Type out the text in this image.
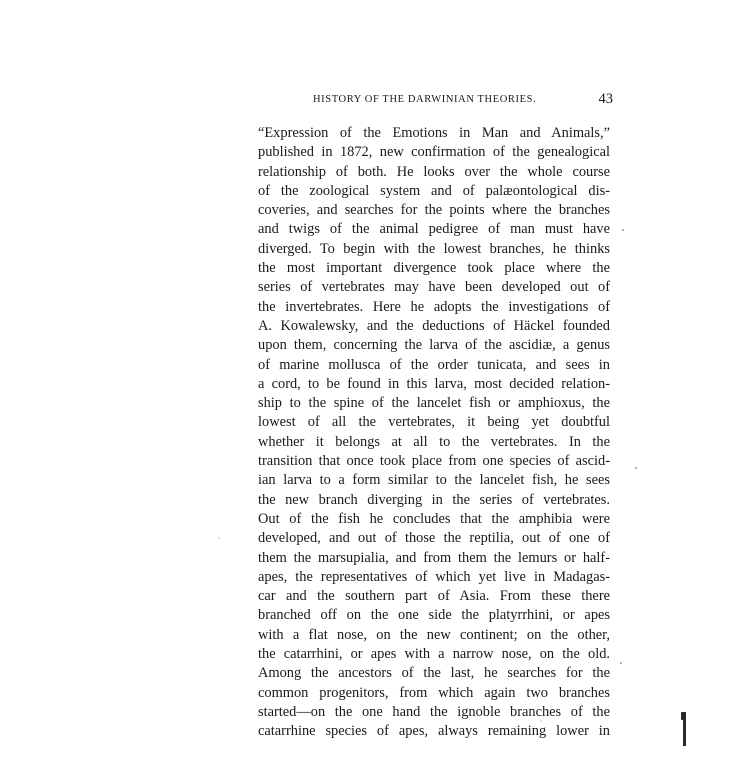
HISTORY OF THE DARWINIAN THEORIES.	43
“Expression of the Emotions in Man and Animals,”
published in 1872, new confirmation of the genealogical
relationship of both. He looks over the whole course
of the zoological system and of palæontological dis-
coveries, and searches for the points where the branches
and twigs of the animal pedigree of man must have
diverged. To begin with the lowest branches, he thinks
the most important divergence took place where the
series of vertebrates may have been developed out of
the invertebrates. Here he adopts the investigations of
A. Kowalewsky, and the deductions of Häckel founded
upon them, concerning the larva of the ascidiæ, a genus
of marine mollusca of the order tunicata, and sees in
a cord, to be found in this larva, most decided relation-
ship to the spine of the lancelet fish or amphioxus, the
lowest of all the vertebrates, it being yet doubtful
whether it belongs at all to the vertebrates. In the
transition that once took place from one species of ascid-
ian larva to a form similar to the lancelet fish, he sees
the new branch diverging in the series of vertebrates.
Out of the fish he concludes that the amphibia were
developed, and out of those the reptilia, out of one of
them the marsupialia, and from them the lemurs or half-
apes, the representatives of which yet live in Madagas-
car and the southern part of Asia. From these there
branched off on the one side the platyrrhini, or apes
with a flat nose, on the new continent; on the other,
the catarrhini, or apes with a narrow nose, on the old.
Among the ancestors of the last, he searches for the
common progenitors, from which again two branches
started—on the one hand the ignoble branches of the
catarrhine species of apes, always remaining lower in
